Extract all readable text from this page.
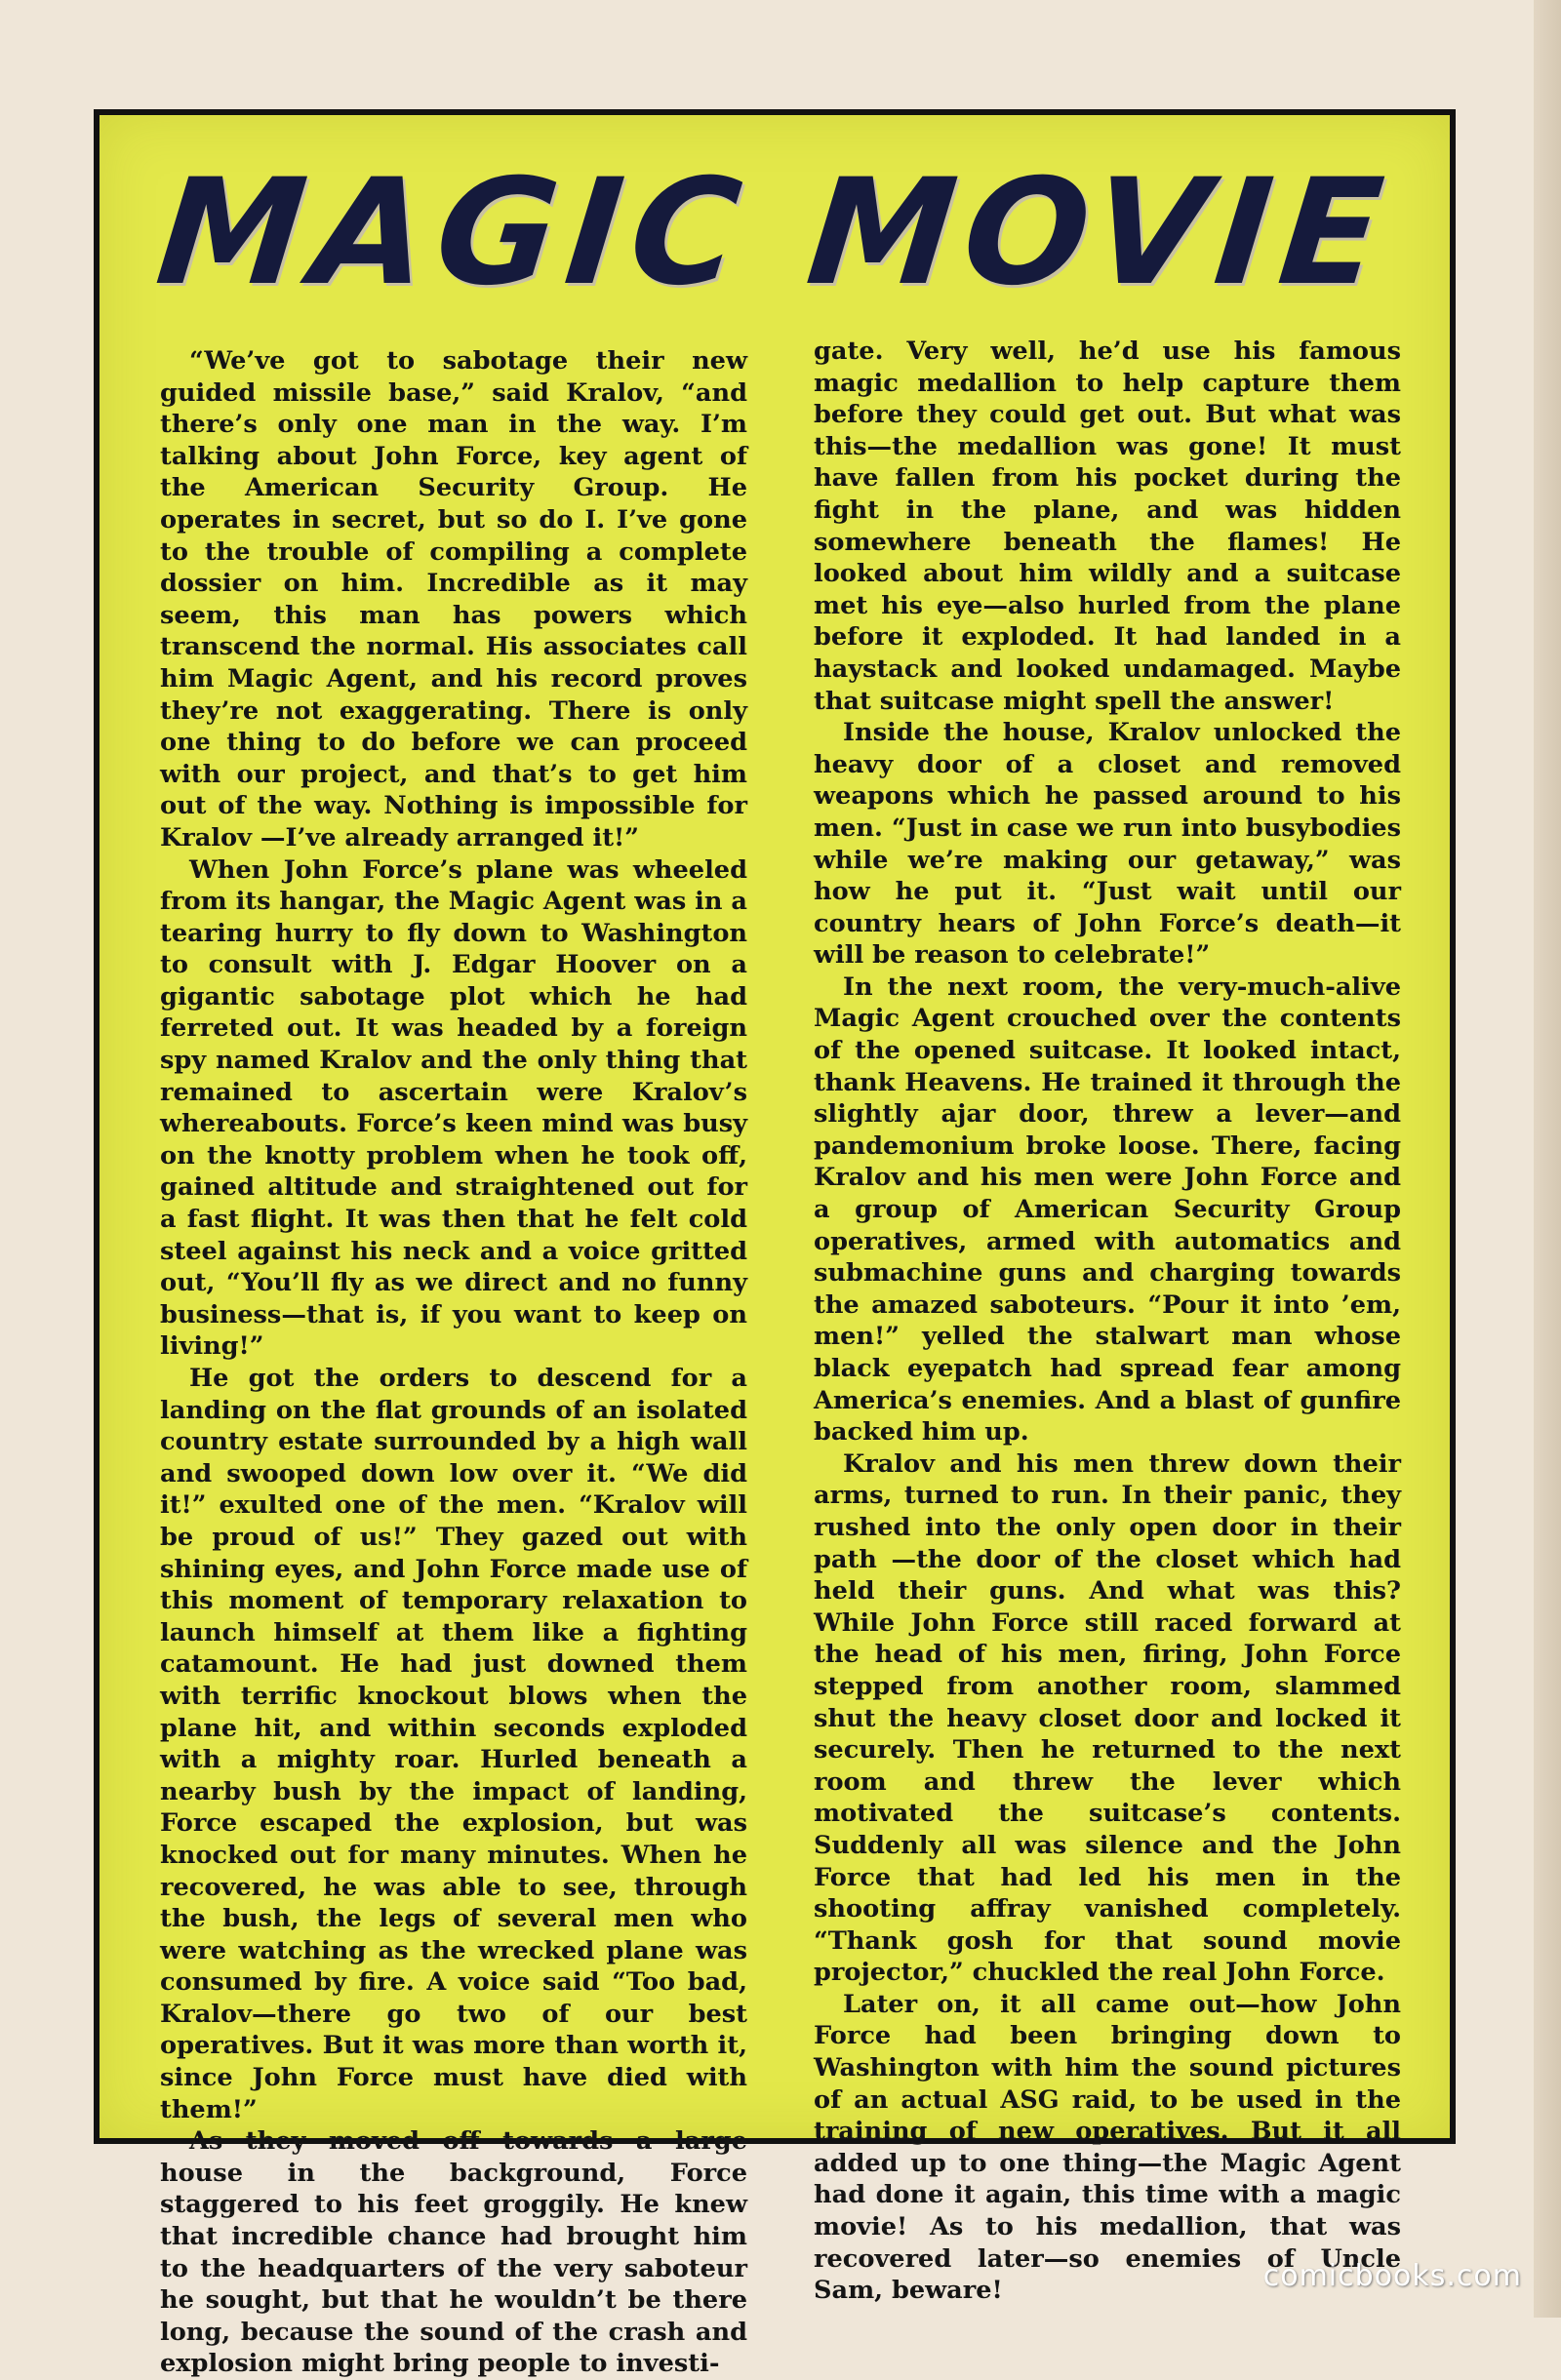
MAGIC MOVIE

“We’ve got to sabotage their new guided missile base,” said Kralov, “and there’s only one man in the way. I’m talking about John Force, key agent of the American Security Group. He operates in secret, but so do I. I’ve gone to the trouble of compiling a complete dossier on him. Incredible as it may seem, this man has powers which transcend the normal. His associates call him Magic Agent, and his record proves they’re not exaggerating. There is only one thing to do before we can proceed with our project, and that’s to get him out of the way. Nothing is impossible for Kralov —I’ve already arranged it!”

When John Force’s plane was wheeled from its hangar, the Magic Agent was in a tearing hurry to fly down to Washington to consult with J. Edgar Hoover on a gigantic sabotage plot which he had ferreted out. It was headed by a foreign spy named Kralov and the only thing that remained to ascertain were Kralov’s whereabouts. Force’s keen mind was busy on the knotty problem when he took off, gained altitude and straightened out for a fast flight. It was then that he felt cold steel against his neck and a voice gritted out, “You’ll fly as we direct and no funny business—that is, if you want to keep on living!”

He got the orders to descend for a landing on the flat grounds of an isolated country estate surrounded by a high wall and swooped down low over it. “We did it!” exulted one of the men. “Kralov will be proud of us!” They gazed out with shining eyes, and John Force made use of this moment of temporary relaxation to launch himself at them like a fighting catamount. He had just downed them with terrific knockout blows when the plane hit, and within seconds exploded with a mighty roar. Hurled beneath a nearby bush by the impact of landing, Force escaped the explosion, but was knocked out for many minutes. When he recovered, he was able to see, through the bush, the legs of several men who were watching as the wrecked plane was consumed by fire. A voice said “Too bad, Kralov—there go two of our best operatives. But it was more than worth it, since John Force must have died with them!”

As they moved off towards a large house in the background, Force staggered to his feet groggily. He knew that incredible chance had brought him to the headquarters of the very saboteur he sought, but that he wouldn’t be there long, because the sound of the crash and explosion might bring people to investi-

gate. Very well, he’d use his famous magic medallion to help capture them before they could get out. But what was this—the medallion was gone! It must have fallen from his pocket during the fight in the plane, and was hidden somewhere beneath the flames! He looked about him wildly and a suitcase met his eye—also hurled from the plane before it exploded. It had landed in a haystack and looked undamaged. Maybe that suitcase might spell the answer!

Inside the house, Kralov unlocked the heavy door of a closet and removed weapons which he passed around to his men. “Just in case we run into busybodies while we’re making our getaway,” was how he put it. “Just wait until our country hears of John Force’s death—it will be reason to celebrate!”

In the next room, the very-much-alive Magic Agent crouched over the contents of the opened suitcase. It looked intact, thank Heavens. He trained it through the slightly ajar door, threw a lever—and pandemonium broke loose. There, facing Kralov and his men were John Force and a group of American Security Group operatives, armed with automatics and submachine guns and charging towards the amazed saboteurs. “Pour it into ’em, men!” yelled the stalwart man whose black eyepatch had spread fear among America’s enemies. And a blast of gunfire backed him up.

Kralov and his men threw down their arms, turned to run. In their panic, they rushed into the only open door in their path —the door of the closet which had held their guns. And what was this? While John Force still raced forward at the head of his men, firing, John Force stepped from another room, slammed shut the heavy closet door and locked it securely. Then he returned to the next room and threw the lever which motivated the suitcase’s contents. Suddenly all was silence and the John Force that had led his men in the shooting affray vanished completely. “Thank gosh for that sound movie projector,” chuckled the real John Force.

Later on, it all came out—how John Force had been bringing down to Washington with him the sound pictures of an actual ASG raid, to be used in the training of new operatives. But it all added up to one thing—the Magic Agent had done it again, this time with a magic movie! As to his medallion, that was recovered later—so enemies of Uncle Sam, beware!	comicbooks.com
